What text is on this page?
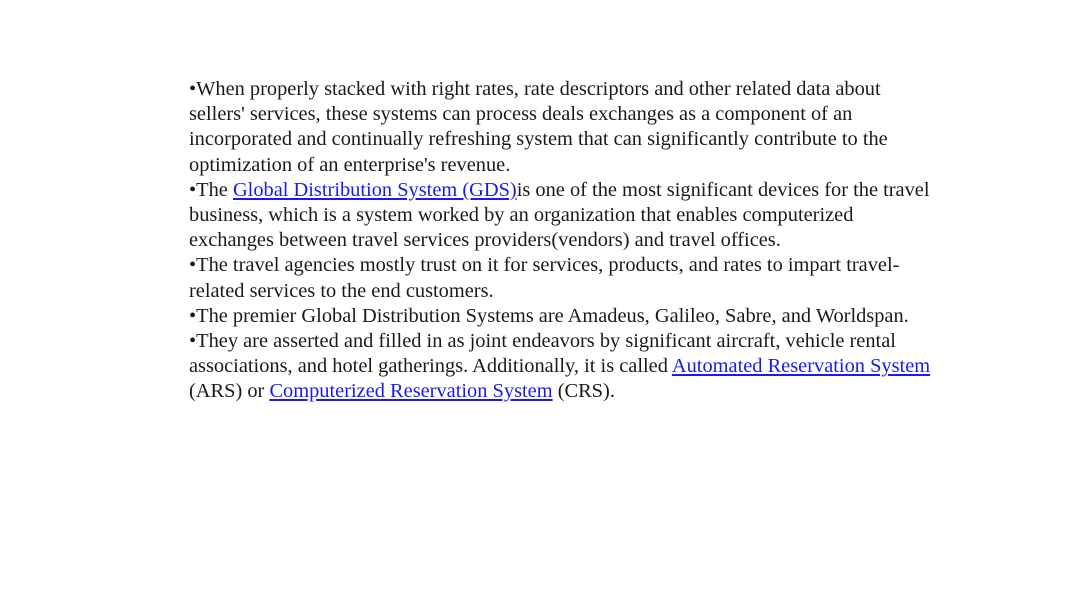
•When properly stacked with right rates, rate descriptors and other related data about sellers' services, these systems can process deals exchanges as a component of an incorporated and continually refreshing system that can significantly contribute to the optimization of an enterprise's revenue.

•The Global Distribution System (GDS)is one of the most significant devices for the travel business, which is a system worked by an organization that enables computerized exchanges between travel services providers(vendors) and travel offices.

•The travel agencies mostly trust on it for services, products, and rates to impart travel-related services to the end customers.

•The premier Global Distribution Systems are Amadeus, Galileo, Sabre, and Worldspan.

•They are asserted and filled in as joint endeavors by significant aircraft, vehicle rental associations, and hotel gatherings. Additionally, it is called Automated Reservation System (ARS) or Computerized Reservation System (CRS).
